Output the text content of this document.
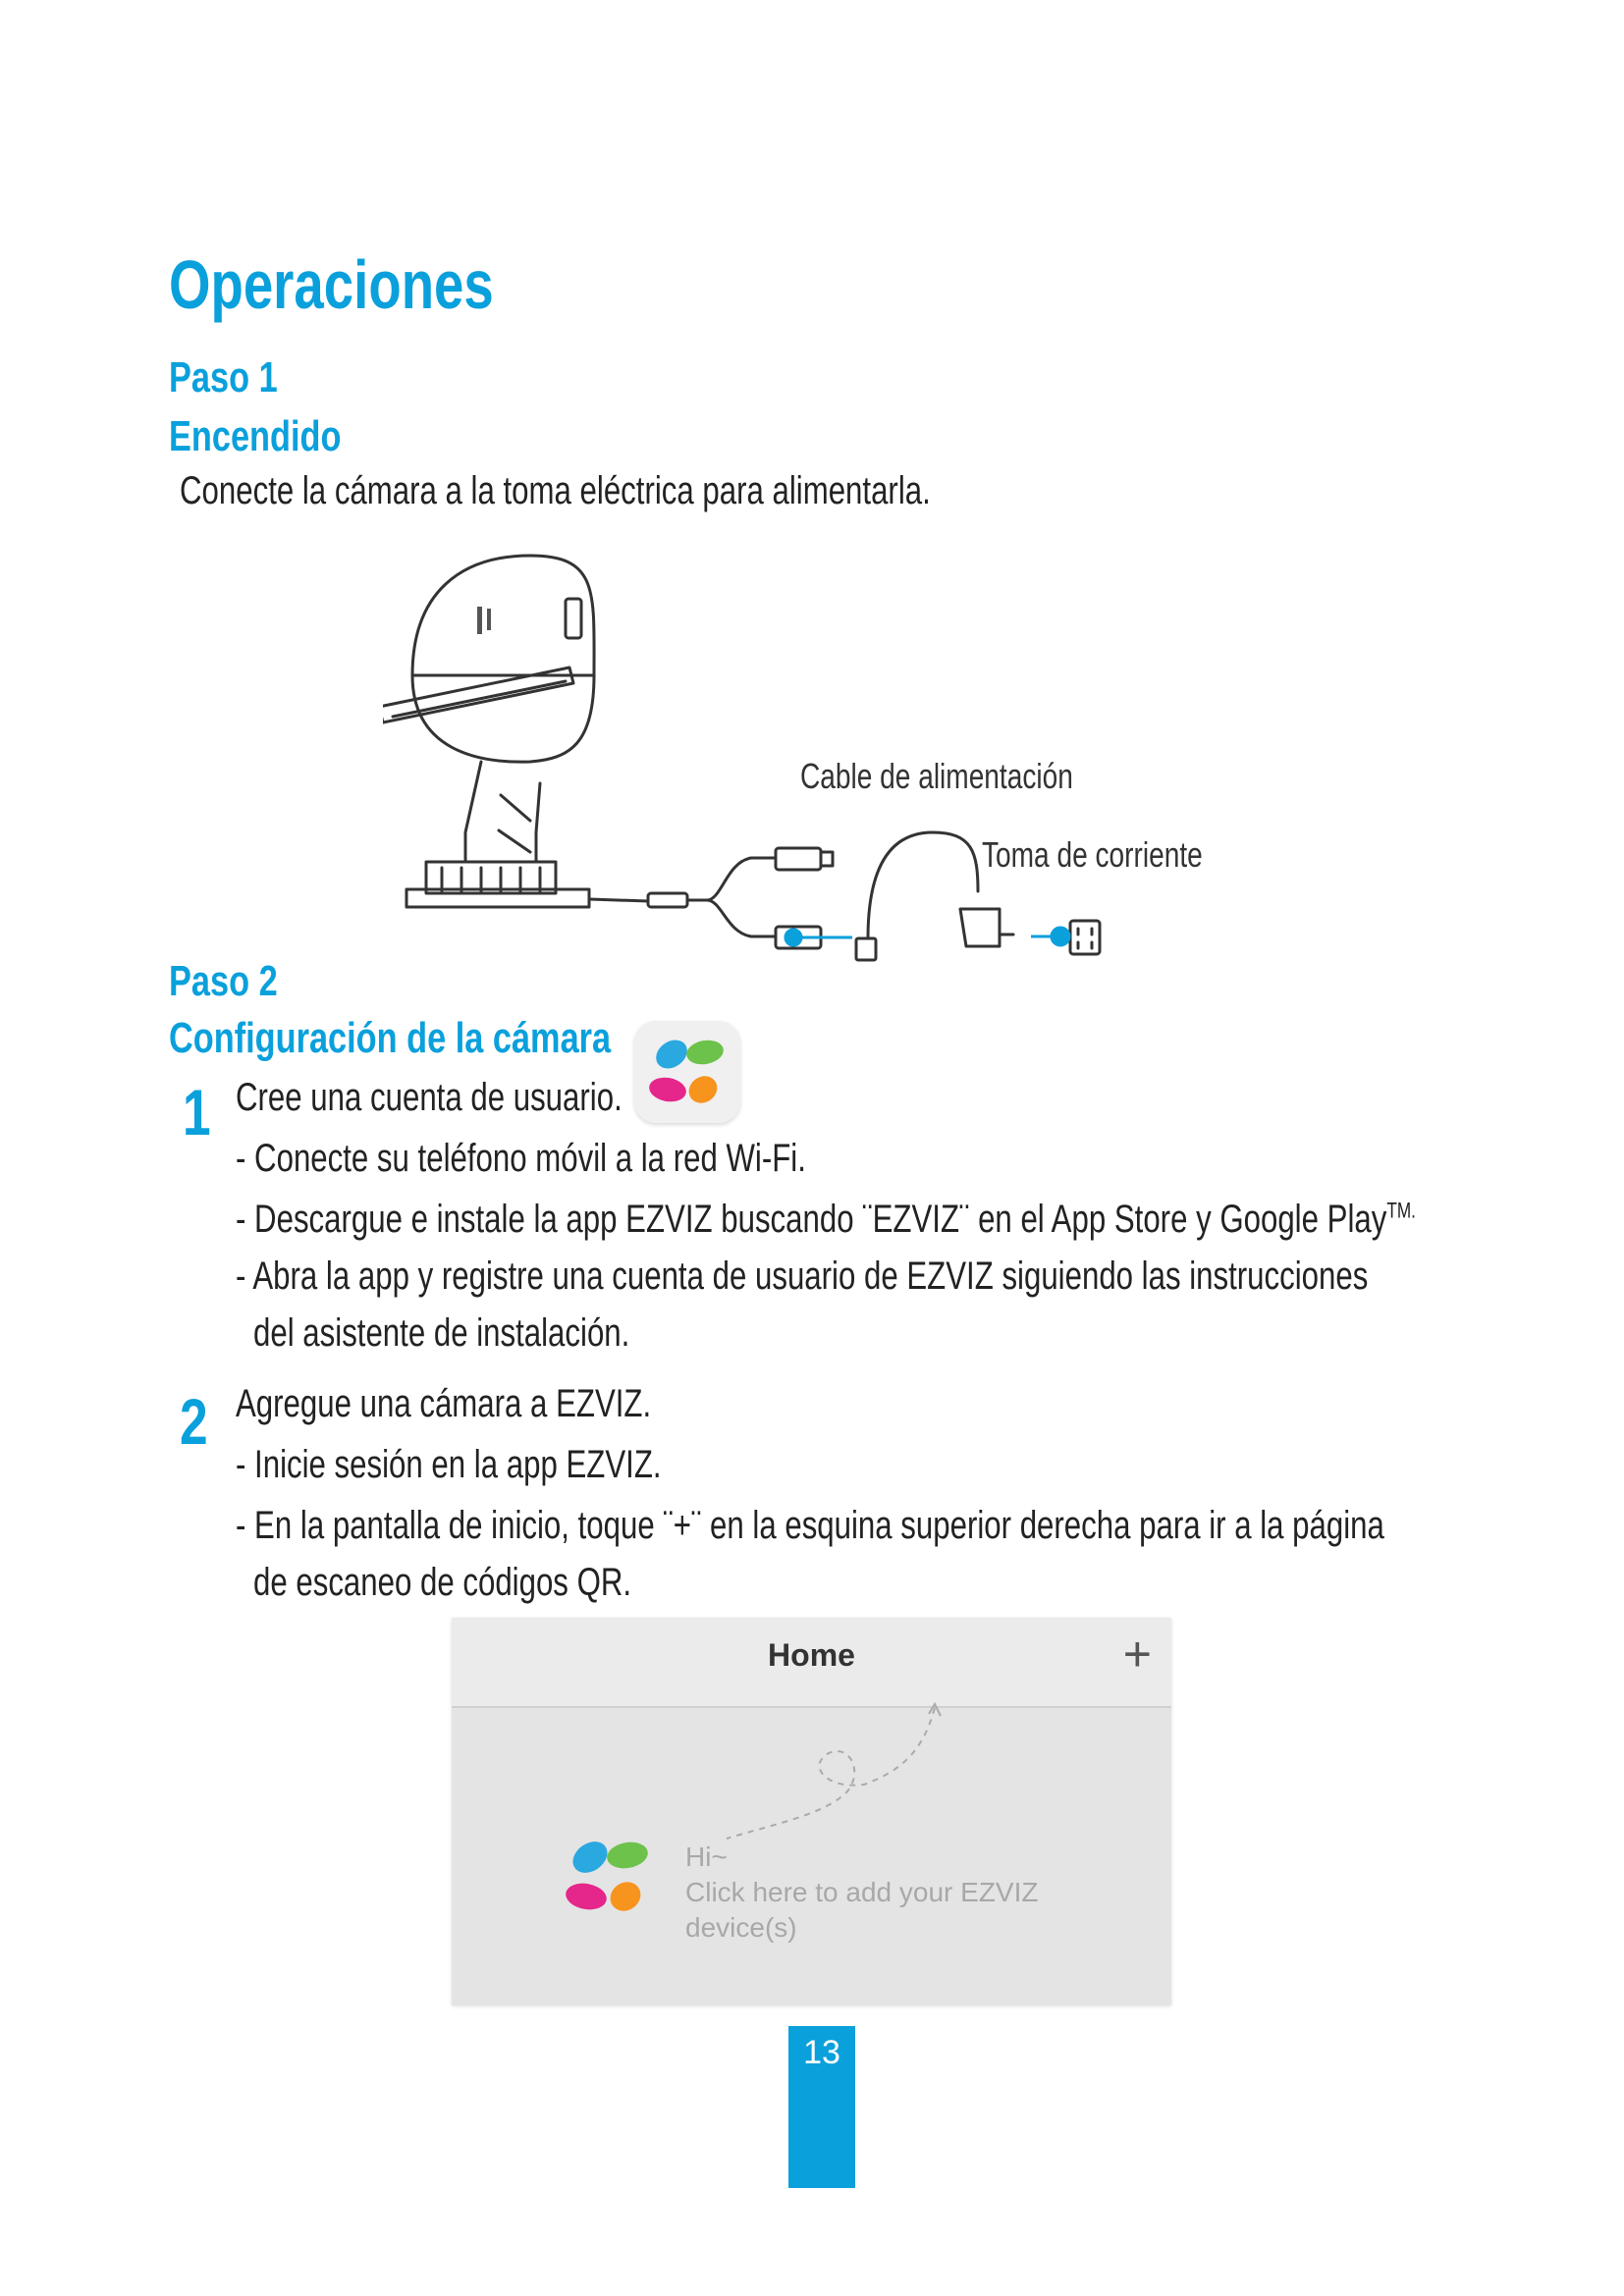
Operaciones
Paso 1
Encendido
Conecte la cámara a la toma eléctrica para alimentarla.
Cable de alimentación
Toma de corriente
Paso 2
Configuración de la cámara
1 Cree una cuenta de usuario.
- Conecte su teléfono móvil a la red Wi-Fi.
- Descargue e instale la app EZVIZ buscando ¨EZVIZ¨ en el App Store y Google Play$^{TM.}$
- Abra la app y registre una cuenta de usuario de EZVIZ siguiendo las instrucciones
del asistente de instalación.
2 Agregue una cámara a EZVIZ.
- Inicie sesión en la app EZVIZ.
- En la pantalla de inicio, toque ¨+¨ en la esquina superior derecha para ir a la página
de escaneo de códigos QR.
Home	+
Hi~
Click here to add your EZVIZ
device(s)
13
